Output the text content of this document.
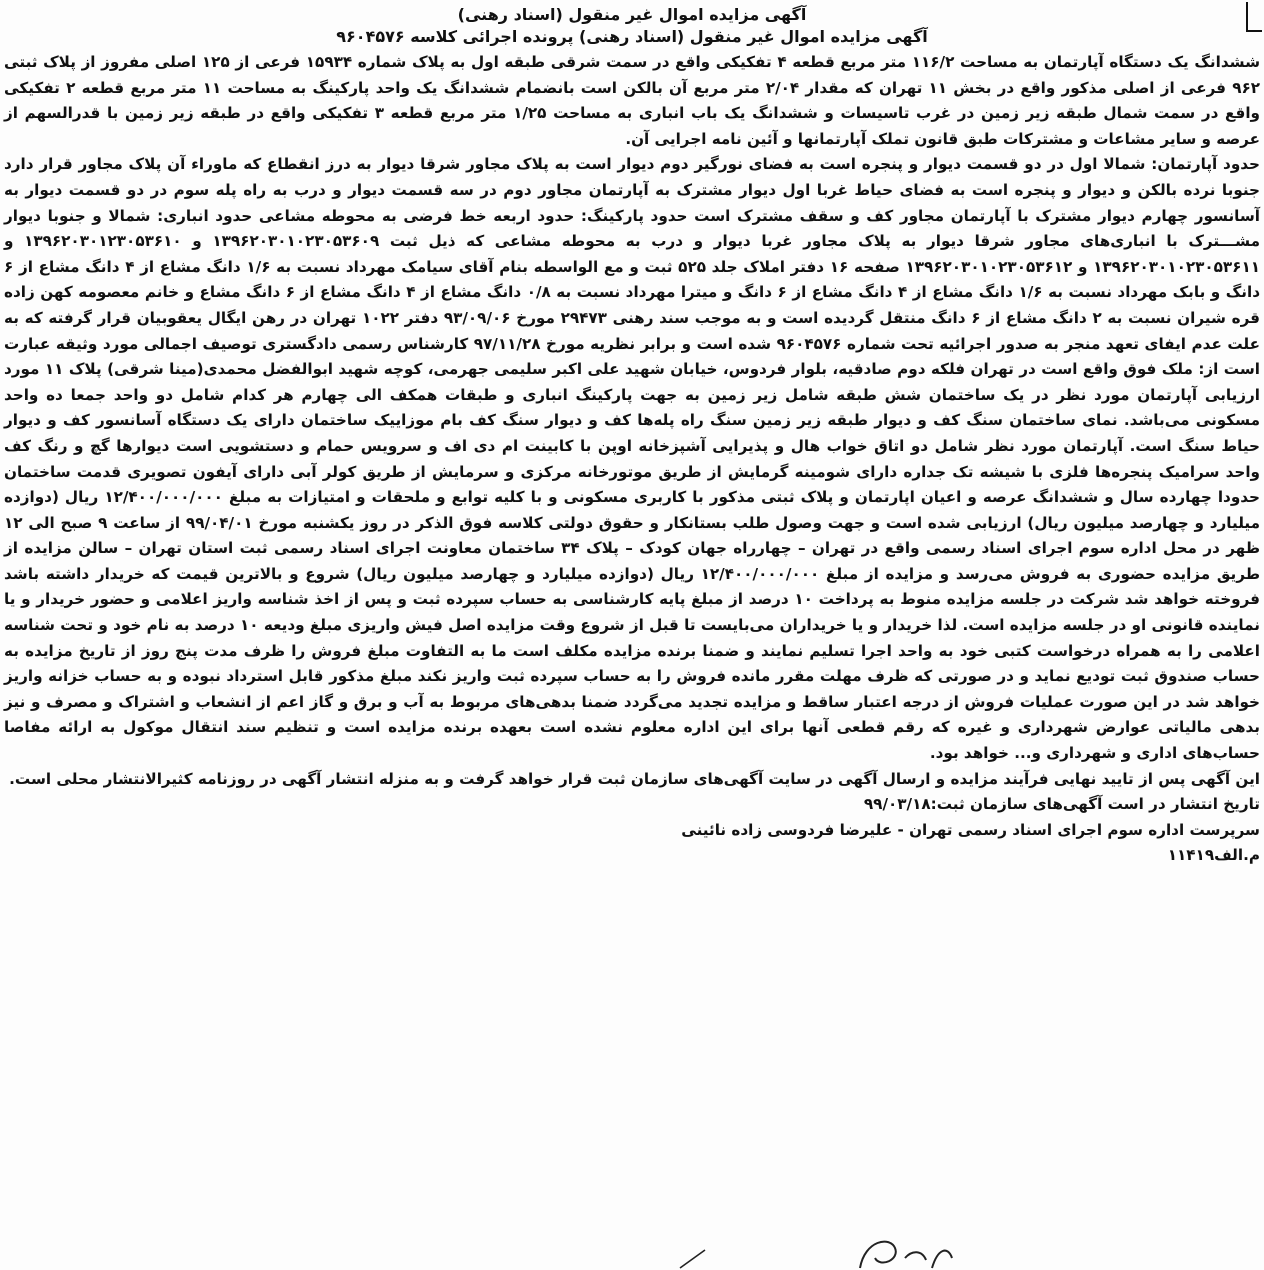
آگهی مزایده اموال غیر منقول (اسناد رهنی)

آگهی مزایده اموال غیر منقول (اسناد رهنی) پرونده اجرائی کلاسه ۹۶۰۴۵۷۶

ششدانگ یک دستگاه آپارتمان به مساحت ۱۱۶/۲ متر مربع قطعه ۴ تفکیکی واقع در سمت شرقی طبقه اول به پلاک شماره ۱۵۹۳۴ فرعی از ۱۲۵ اصلی مفروز از پلاک ثبتی ۹۶۲ فرعی از اصلی مذکور واقع در بخش ۱۱ تهران که مقدار ۲/۰۴ متر مربع آن بالکن است بانضمام ششدانگ یک واحد پارکینگ به مساحت ۱۱ متر مربع قطعه ۲ تفکیکی واقع در سمت شمال طبقه زیر زمین در غرب تاسیسات و ششدانگ یک باب انباری به مساحت ۱/۲۵ متر مربع قطعه ۳ تفکیکی واقع در طبقه زیر زمین با قدرالسهم از عرصه و سایر مشاعات و مشترکات طبق قانون تملک آپارتمانها و آئین نامه اجرایی آن.

حدود آپارتمان: شمالا اول در دو قسمت دیوار و پنجره است به فضای نورگیر دوم دیوار است به پلاک مجاور شرقا دیوار به درز انقطاع که ماوراء آن پلاک مجاور قرار دارد جنوبا نرده بالکن و دیوار و پنجره است به فضای حیاط غربا اول دیوار مشترک به آپارتمان مجاور دوم در سه قسمت دیوار و درب به راه پله سوم در دو قسمت دیوار به آسانسور چهارم دیوار مشترک با آپارتمان مجاور کف و سقف مشترک است حدود پارکینگ: حدود اربعه خط فرضی به محوطه مشاعی حدود انباری: شمالا و جنوبا دیوار مشـــترک با انباری‌های مجاور شرقا دیوار به پلاک مجاور غربا دیوار و درب به محوطه مشاعی که ذیل ثبت ۱۳۹۶۲۰۳۰۱۰۲۳۰۵۳۶۰۹ و ۱۳۹۶۲۰۳۰۱۲۳۰۵۳۶۱۰ و ۱۳۹۶۲۰۳۰۱۰۲۳۰۵۳۶۱۱ و ۱۳۹۶۲۰۳۰۱۰۲۳۰۵۳۶۱۲ صفحه ۱۶ دفتر املاک جلد ۵۲۵ ثبت و مع الواسطه بنام آقای سیامک مهرداد نسبت به ۱/۶ دانگ مشاع از ۴ دانگ مشاع از ۶ دانگ و بابک مهرداد نسبت به ۱/۶ دانگ مشاع از ۴ دانگ مشاع از ۶ دانگ و میترا مهرداد نسبت به ۰/۸ دانگ مشاع از ۴ دانگ مشاع از ۶ دانگ مشاع و خانم معصومه کهن زاده قره شیران نسبت به ۲ دانگ مشاع از ۶ دانگ منتقل گردیده است و به موجب سند رهنی ۲۹۴۷۳ مورخ ۹۳/۰۹/۰۶ دفتر ۱۰۲۲ تهران در رهن ایگال یعقوبیان قرار گرفته که به علت عدم ایفای تعهد منجر به صدور اجرائیه تحت شماره ۹۶۰۴۵۷۶ شده است و برابر نظریه مورخ ۹۷/۱۱/۲۸ کارشناس رسمی دادگستری توصیف اجمالی مورد وثیقه عبارت است از: ملک فوق واقع است در تهران فلکه دوم صادقیه، بلوار فردوس، خیابان شهید علی اکبر سلیمی جهرمی، کوچه شهید ابوالفضل محمدی(مینا شرقی) پلاک ۱۱ مورد ارزیابی آپارتمان مورد نظر در یک ساختمان شش طبقه شامل زیر زمین به جهت پارکینگ انباری و طبقات همکف الی چهارم هر کدام شامل دو واحد جمعا ده واحد مسکونی می‌باشد. نمای ساختمان سنگ کف و دیوار طبقه زیر زمین سنگ راه پله‌ها کف و دیوار سنگ کف بام موزاییک ساختمان دارای یک دستگاه آسانسور کف و دیوار حیاط سنگ است. آپارتمان مورد نظر شامل دو اتاق خواب هال و پذیرایی آشپزخانه اوپن با کابینت ام دی اف و سرویس حمام و دستشویی است دیوارها گچ و رنگ کف واحد سرامیک پنجره‌ها فلزی با شیشه تک جداره دارای شومینه گرمایش از طریق موتورخانه مرکزی و سرمایش از طریق کولر آبی دارای آیفون تصویری قدمت ساختمان حدودا چهارده سال و ششدانگ عرصه و اعیان اپارتمان و پلاک ثبتی مذکور با کاربری مسکونی و با کلیه توابع و ملحقات و امتیازات به مبلغ ۱۲/۴۰۰/۰۰۰/۰۰۰ ریال (دوازده میلیارد و چهارصد میلیون ریال) ارزیابی شده است و جهت وصول طلب بستانکار و حقوق دولتی کلاسه فوق الذکر در روز یکشنبه مورخ ۹۹/۰۴/۰۱ از ساعت ۹ صبح الی ۱۲ ظهر در محل اداره سوم اجرای اسناد رسمی واقع در تهران – چهارراه جهان کودک – پلاک ۳۴ ساختمان معاونت اجرای اسناد رسمی ثبت استان تهران – سالن مزایده از طریق مزایده حضوری به فروش می‌رسد و مزایده از مبلغ ۱۲/۴۰۰/۰۰۰/۰۰۰ ریال (دوازده میلیارد و چهارصد میلیون ریال) شروع و بالاترین قیمت که خریدار داشته باشد فروخته خواهد شد شرکت در جلسه مزایده منوط به پرداخت ۱۰ درصد از مبلغ پایه کارشناسی به حساب سپرده ثبت و پس از اخذ شناسه واریز اعلامی و حضور خریدار و یا نماینده قانونی او در جلسه مزایده است. لذا خریدار و یا خریداران می‌بایست تا قبل از شروع وقت مزایده اصل فیش واریزی مبلغ ودیعه ۱۰ درصد به نام خود و تحت شناسه اعلامی را به همراه درخواست کتبی خود به واحد اجرا تسلیم نمایند و ضمنا برنده مزایده مکلف است ما به التفاوت مبلغ فروش را ظرف مدت پنج روز از تاریخ مزایده به حساب صندوق ثبت تودیع نماید و در صورتی که ظرف مهلت مقرر مانده فروش را به حساب سپرده ثبت واریز نکند مبلغ مذکور قابل استرداد نبوده و به حساب خزانه واریز خواهد شد در این صورت عملیات فروش از درجه اعتبار ساقط و مزایده تجدید می‌گردد ضمنا بدهی‌های مربوط به آب و برق و گاز اعم از انشعاب و اشتراک و مصرف و نیز بدهی مالیاتی عوارض شهرداری و غیره که رقم قطعی آنها برای این اداره معلوم نشده است بعهده برنده مزایده است و تنظیم سند انتقال موکول به ارائه مفاصا حساب‌های اداری و شهرداری و... خواهد بود.

این آگهی پس از تایید نهایی فرآیند مزایده و ارسال آگهی در سایت آگهی‌های سازمان ثبت قرار خواهد گرفت و به منزله انتشار آگهی در روزنامه کثیرالانتشار محلی است.

تاریخ انتشار در است آگهی‌های سازمان ثبت:۹۹/۰۳/۱۸

سرپرست اداره سوم اجرای اسناد رسمی تهران - علیرضا فردوسی زاده نائینی

م.الف۱۱۴۱۹
